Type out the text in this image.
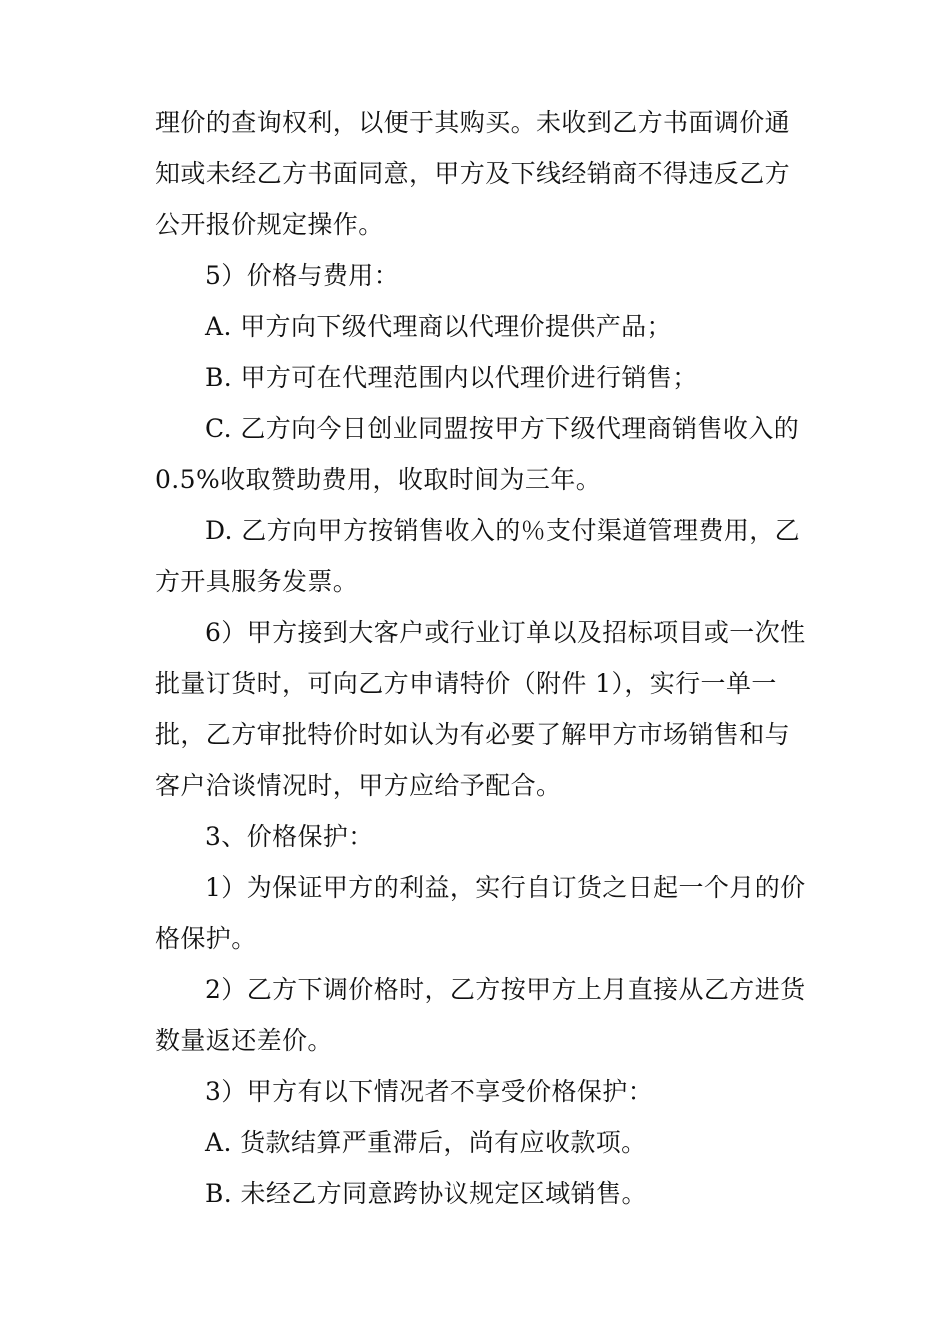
理价的查询权利，以便于其购买。未收到乙方书面调价通
知或未经乙方书面同意，甲方及下线经销商不得违反乙方
公开报价规定操作。
5）价格与费用：
A. 甲方向下级代理商以代理价提供产品；
B. 甲方可在代理范围内以代理价进行销售；
C. 乙方向今日创业同盟按甲方下级代理商销售收入的
0.5%收取赞助费用，收取时间为三年。
D. 乙方向甲方按销售收入的％支付渠道管理费用，乙
方开具服务发票。
6）甲方接到大客户或行业订单以及招标项目或一次性
批量订货时，可向乙方申请特价（附件 1），实行一单一
批，乙方审批特价时如认为有必要了解甲方市场销售和与
客户洽谈情况时，甲方应给予配合。
3、价格保护：
1）为保证甲方的利益，实行自订货之日起一个月的价
格保护。
2）乙方下调价格时，乙方按甲方上月直接从乙方进货
数量返还差价。
3）甲方有以下情况者不享受价格保护：
A. 货款结算严重滞后，尚有应收款项。
B. 未经乙方同意跨协议规定区域销售。
